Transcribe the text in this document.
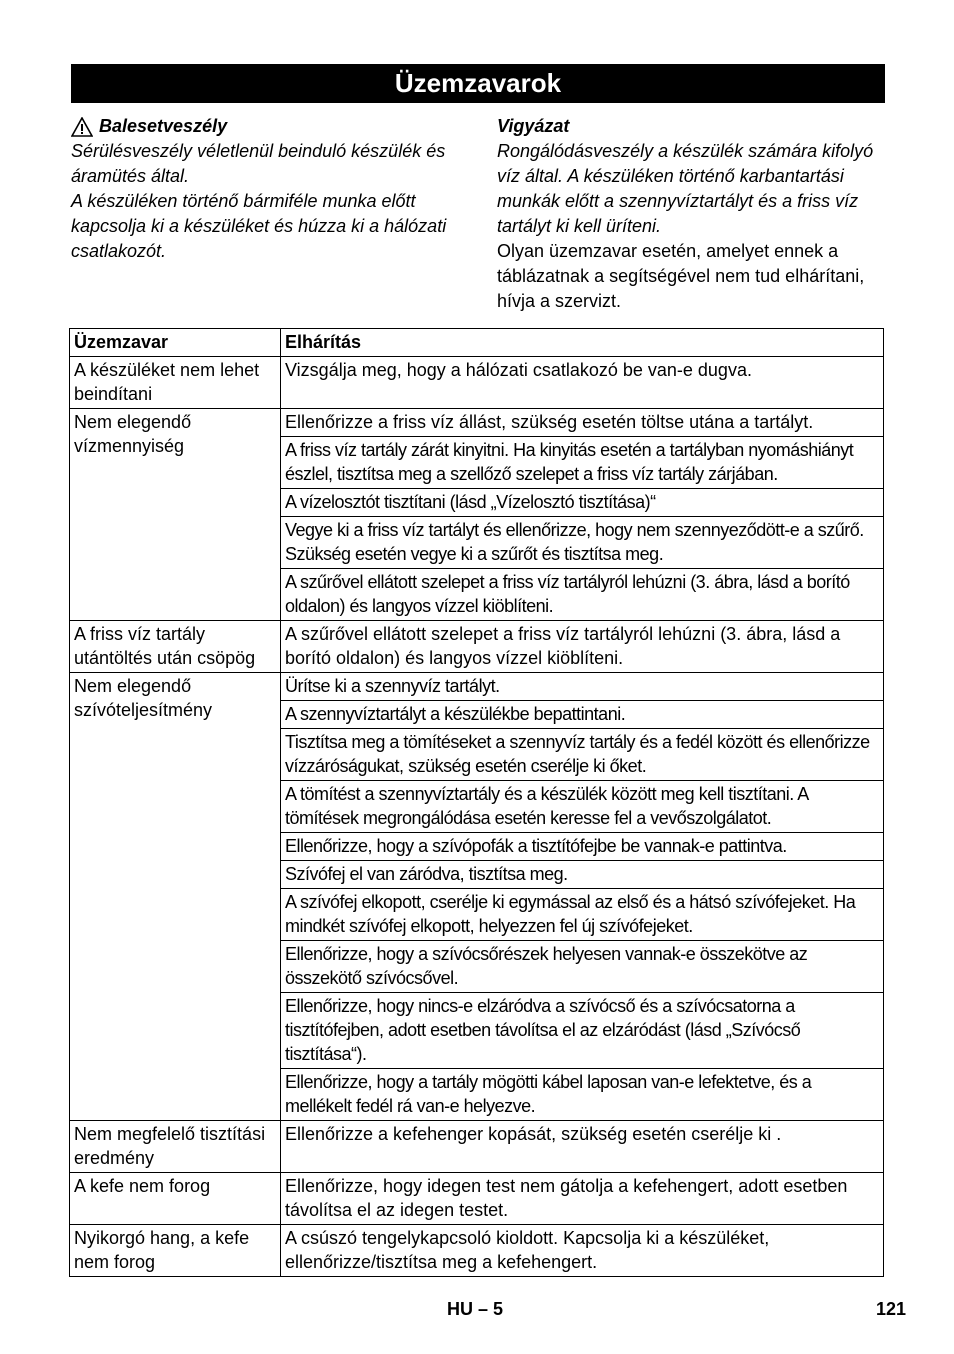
Üzemzavarok
Balesetveszély

Sérülésveszély véletlenül beinduló készülék és áramütés által.

A készüléken történő bármiféle munka előtt kapcsolja ki a készüléket és húzza ki a hálózati csatlakozót.

Vigyázat

Rongálódásveszély a készülék számára kifolyó víz által. A készüléken történő karbantartási munkák előtt a szennyvíztartályt és a friss víz tartályt ki kell üríteni.

Olyan üzemzavar esetén, amelyet ennek a táblázatnak a segítségével nem tud elhárítani, hívja a szervizt.

Üzemzavar	Elhárítás
A készüléket nem lehet beindítani	Vizsgálja meg, hogy a hálózati csatlakozó be van-e dugva.
Nem elegendő vízmennyiség	Ellenőrizze a friss víz állást, szükség esetén töltse utána a tartályt.
	A friss víz tartály zárát kinyitni. Ha kinyitás esetén a tartályban nyomáshiányt észlel, tisztítsa meg a szellőző szelepet a friss víz tartály zárjában.
	A vízelosztót tisztítani (lásd „Vízelosztó tisztítása)“
	Vegye ki a friss víz tartályt és ellenőrizze, hogy nem szennyeződött-e a szűrő. Szükség esetén vegye ki a szűrőt és tisztítsa meg.
	A szűrővel ellátott szelepet a friss víz tartályról lehúzni (3. ábra, lásd a borító oldalon) és langyos vízzel kiöblíteni.
A friss víz tartály utántöltés után csöpög	A szűrővel ellátott szelepet a friss víz tartályról lehúzni (3. ábra, lásd a borító oldalon) és langyos vízzel kiöblíteni.
Nem elegendő szívóteljesítmény	Ürítse ki a szennyvíz tartályt.
	A szennyvíztartályt a készülékbe bepattintani.
	Tisztítsa meg a tömítéseket a szennyvíz tartály és a fedél között és ellenőrizze vízzáróságukat, szükség esetén cserélje ki őket.
	A tömítést a szennyvíztartály és a készülék között meg kell tisztítani. A tömítések megrongálódása esetén keresse fel a vevőszolgálatot.
	Ellenőrizze, hogy a szívópofák a tisztítófejbe be vannak-e pattintva.
	Szívófej el van záródva, tisztítsa meg.
	A szívófej elkopott, cserélje ki egymással az első és a hátsó szívófejeket. Ha mindkét szívófej elkopott, helyezzen fel új szívófejeket.
	Ellenőrizze, hogy a szívócsőrészek helyesen vannak-e összekötve az összekötő szívócsővel.
	Ellenőrizze, hogy nincs-e elzáródva a szívócső és a szívócsatorna a tisztítófejben, adott esetben távolítsa el az elzáródást (lásd „Szívócső tisztítása“).
	Ellenőrizze, hogy a tartály mögötti kábel laposan van-e lefektetve, és a mellékelt fedél rá van-e helyezve.
Nem megfelelő tisztítási eredmény	Ellenőrizze a kefehenger kopását, szükség esetén cserélje ki .
A kefe nem forog	Ellenőrizze, hogy idegen test nem gátolja a kefehengert, adott esetben távolítsa el az idegen testet.
Nyikorgó hang, a kefe nem forog	A csúszó tengelykapcsoló kioldott. Kapcsolja ki a készüléket, ellenőrizze/tisztítsa meg a kefehengert.
HU – 5	121
